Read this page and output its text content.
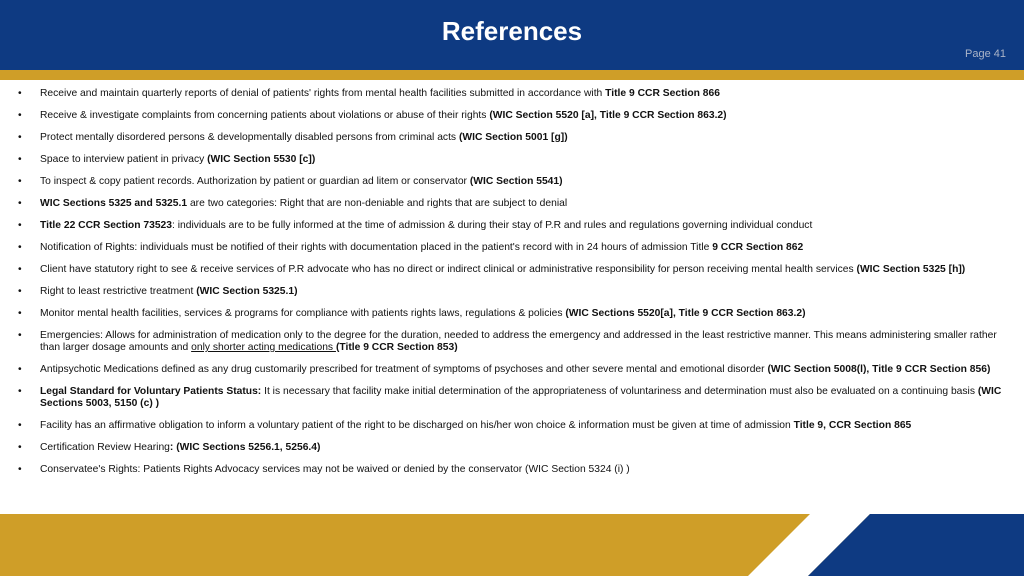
References
Page 41
• Receive and maintain quarterly reports of denial of patients' rights from mental health facilities submitted in accordance with Title 9 CCR Section 866
• Receive & investigate complaints from concerning patients about violations or abuse of their rights (WIC Section 5520 [a], Title 9 CCR Section 863.2)
• Protect mentally disordered persons & developmentally disabled persons from criminal acts (WIC Section 5001 [g])
• Space to interview patient in privacy (WIC Section 5530 [c])
• To inspect & copy patient records. Authorization by patient or guardian ad litem or conservator (WIC Section 5541)
• WIC Sections 5325 and 5325.1 are two categories: Right that are non-deniable and rights that are subject to denial
• Title 22 CCR Section 73523: individuals are to be fully informed at the time of admission & during their stay of P.R and rules and regulations governing individual conduct
• Notification of Rights: individuals must be notified of their rights with documentation placed in the patient's record with in 24 hours of admission Title 9 CCR Section 862
• Client have statutory right to see & receive services of P.R advocate who has no direct or indirect clinical or administrative responsibility for person receiving mental health services (WIC Section 5325 [h])
• Right to least restrictive treatment (WIC Section 5325.1)
• Monitor mental health facilities, services & programs for compliance with patients rights laws, regulations & policies (WIC Sections 5520[a], Title 9 CCR Section 863.2)
• Emergencies: Allows for administration of medication only to the degree for the duration, needed to address the emergency and addressed in the least restrictive manner. This means administering smaller rather than larger dosage amounts and only shorter acting medications (Title 9 CCR Section 853)
• Antipsychotic Medications defined as any drug customarily prescribed for treatment of symptoms of psychoses and other severe mental and emotional disorder (WIC Section 5008(l), Title 9 CCR Section 856)
• Legal Standard for Voluntary Patients Status: It is necessary that facility make initial determination of the appropriateness of voluntariness and determination must also be evaluated on a continuing basis (WIC Sections 5003, 5150 (c) )
• Facility has an affirmative obligation to inform a voluntary patient of the right to be discharged on his/her won choice & information must be given at time of admission Title 9, CCR Section 865
• Certification Review Hearing: (WIC Sections 5256.1, 5256.4)
• Conservatee's Rights: Patients Rights Advocacy services may not be waived or denied by the conservator (WIC Section 5324 (i) )
